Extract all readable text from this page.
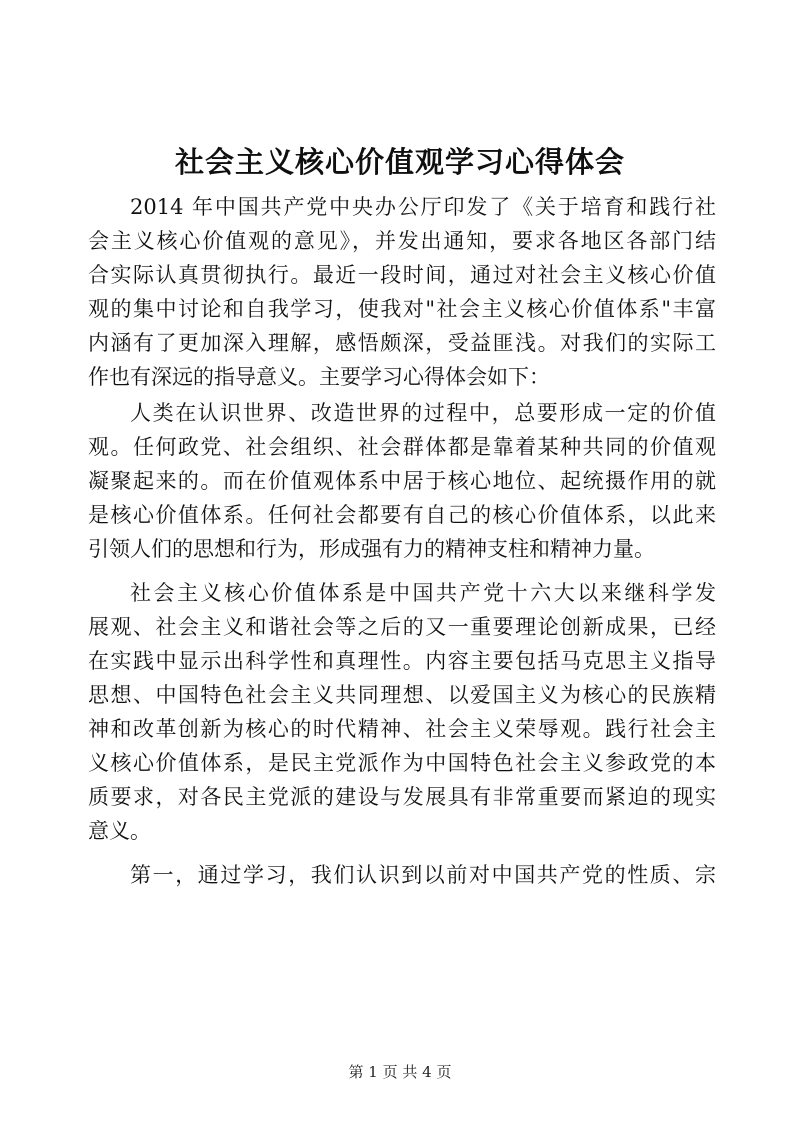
社会主义核心价值观学习心得体会
2014 年中国共产党中央办公厅印发了《关于培育和践行社
会主义核心价值观的意见》，并发出通知，要求各地区各部门结
合实际认真贯彻执行。最近一段时间，通过对社会主义核心价值
观的集中讨论和自我学习，使我对"社会主义核心价值体系"丰富
内涵有了更加深入理解，感悟颇深，受益匪浅。对我们的实际工
作也有深远的指导意义。主要学习心得体会如下：
人类在认识世界、改造世界的过程中，总要形成一定的价值
观。任何政党、社会组织、社会群体都是靠着某种共同的价值观
凝聚起来的。而在价值观体系中居于核心地位、起统摄作用的就
是核心价值体系。任何社会都要有自己的核心价值体系，以此来
引领人们的思想和行为，形成强有力的精神支柱和精神力量。
社会主义核心价值体系是中国共产党十六大以来继科学发
展观、社会主义和谐社会等之后的又一重要理论创新成果，已经
在实践中显示出科学性和真理性。内容主要包括马克思主义指导
思想、中国特色社会主义共同理想、以爱国主义为核心的民族精
神和改革创新为核心的时代精神、社会主义荣辱观。践行社会主
义核心价值体系，是民主党派作为中国特色社会主义参政党的本
质要求，对各民主党派的建设与发展具有非常重要而紧迫的现实
意义。
第一，通过学习，我们认识到以前对中国共产党的性质、宗
第 1 页 共 4 页
